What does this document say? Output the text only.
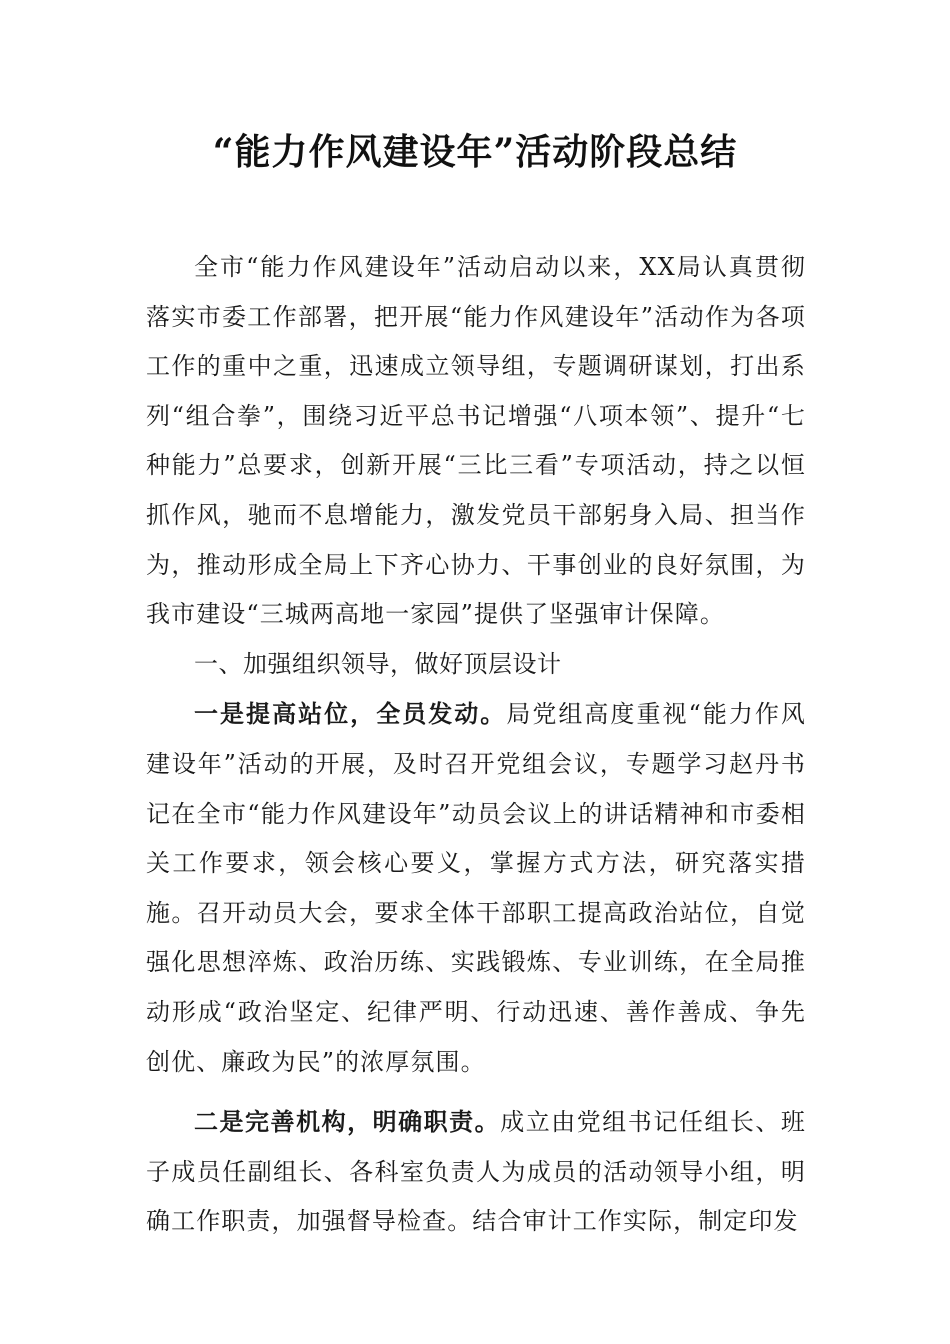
“能力作风建设年”活动阶段总结

全市“能力作风建设年”活动启动以来，XX局认真贯彻落实市委工作部署，把开展“能力作风建设年”活动作为各项工作的重中之重，迅速成立领导组，专题调研谋划，打出系列“组合拳”，围绕习近平总书记增强“八项本领”、提升“七种能力”总要求，创新开展“三比三看”专项活动，持之以恒抓作风，驰而不息增能力，激发党员干部躬身入局、担当作为，推动形成全局上下齐心协力、干事创业的良好氛围，为我市建设“三城两高地一家园”提供了坚强审计保障。

一、加强组织领导，做好顶层设计

一是提高站位，全员发动。局党组高度重视“能力作风建设年”活动的开展，及时召开党组会议，专题学习赵丹书记在全市“能力作风建设年”动员会议上的讲话精神和市委相关工作要求，领会核心要义，掌握方式方法，研究落实措施。召开动员大会，要求全体干部职工提高政治站位，自觉强化思想淬炼、政治历练、实践锻炼、专业训练，在全局推动形成“政治坚定、纪律严明、行动迅速、善作善成、争先创优、廉政为民”的浓厚氛围。

二是完善机构，明确职责。成立由党组书记任组长、班子成员任副组长、各科室负责人为成员的活动领导小组，明确工作职责，加强督导检查。结合审计工作实际，制定印发
